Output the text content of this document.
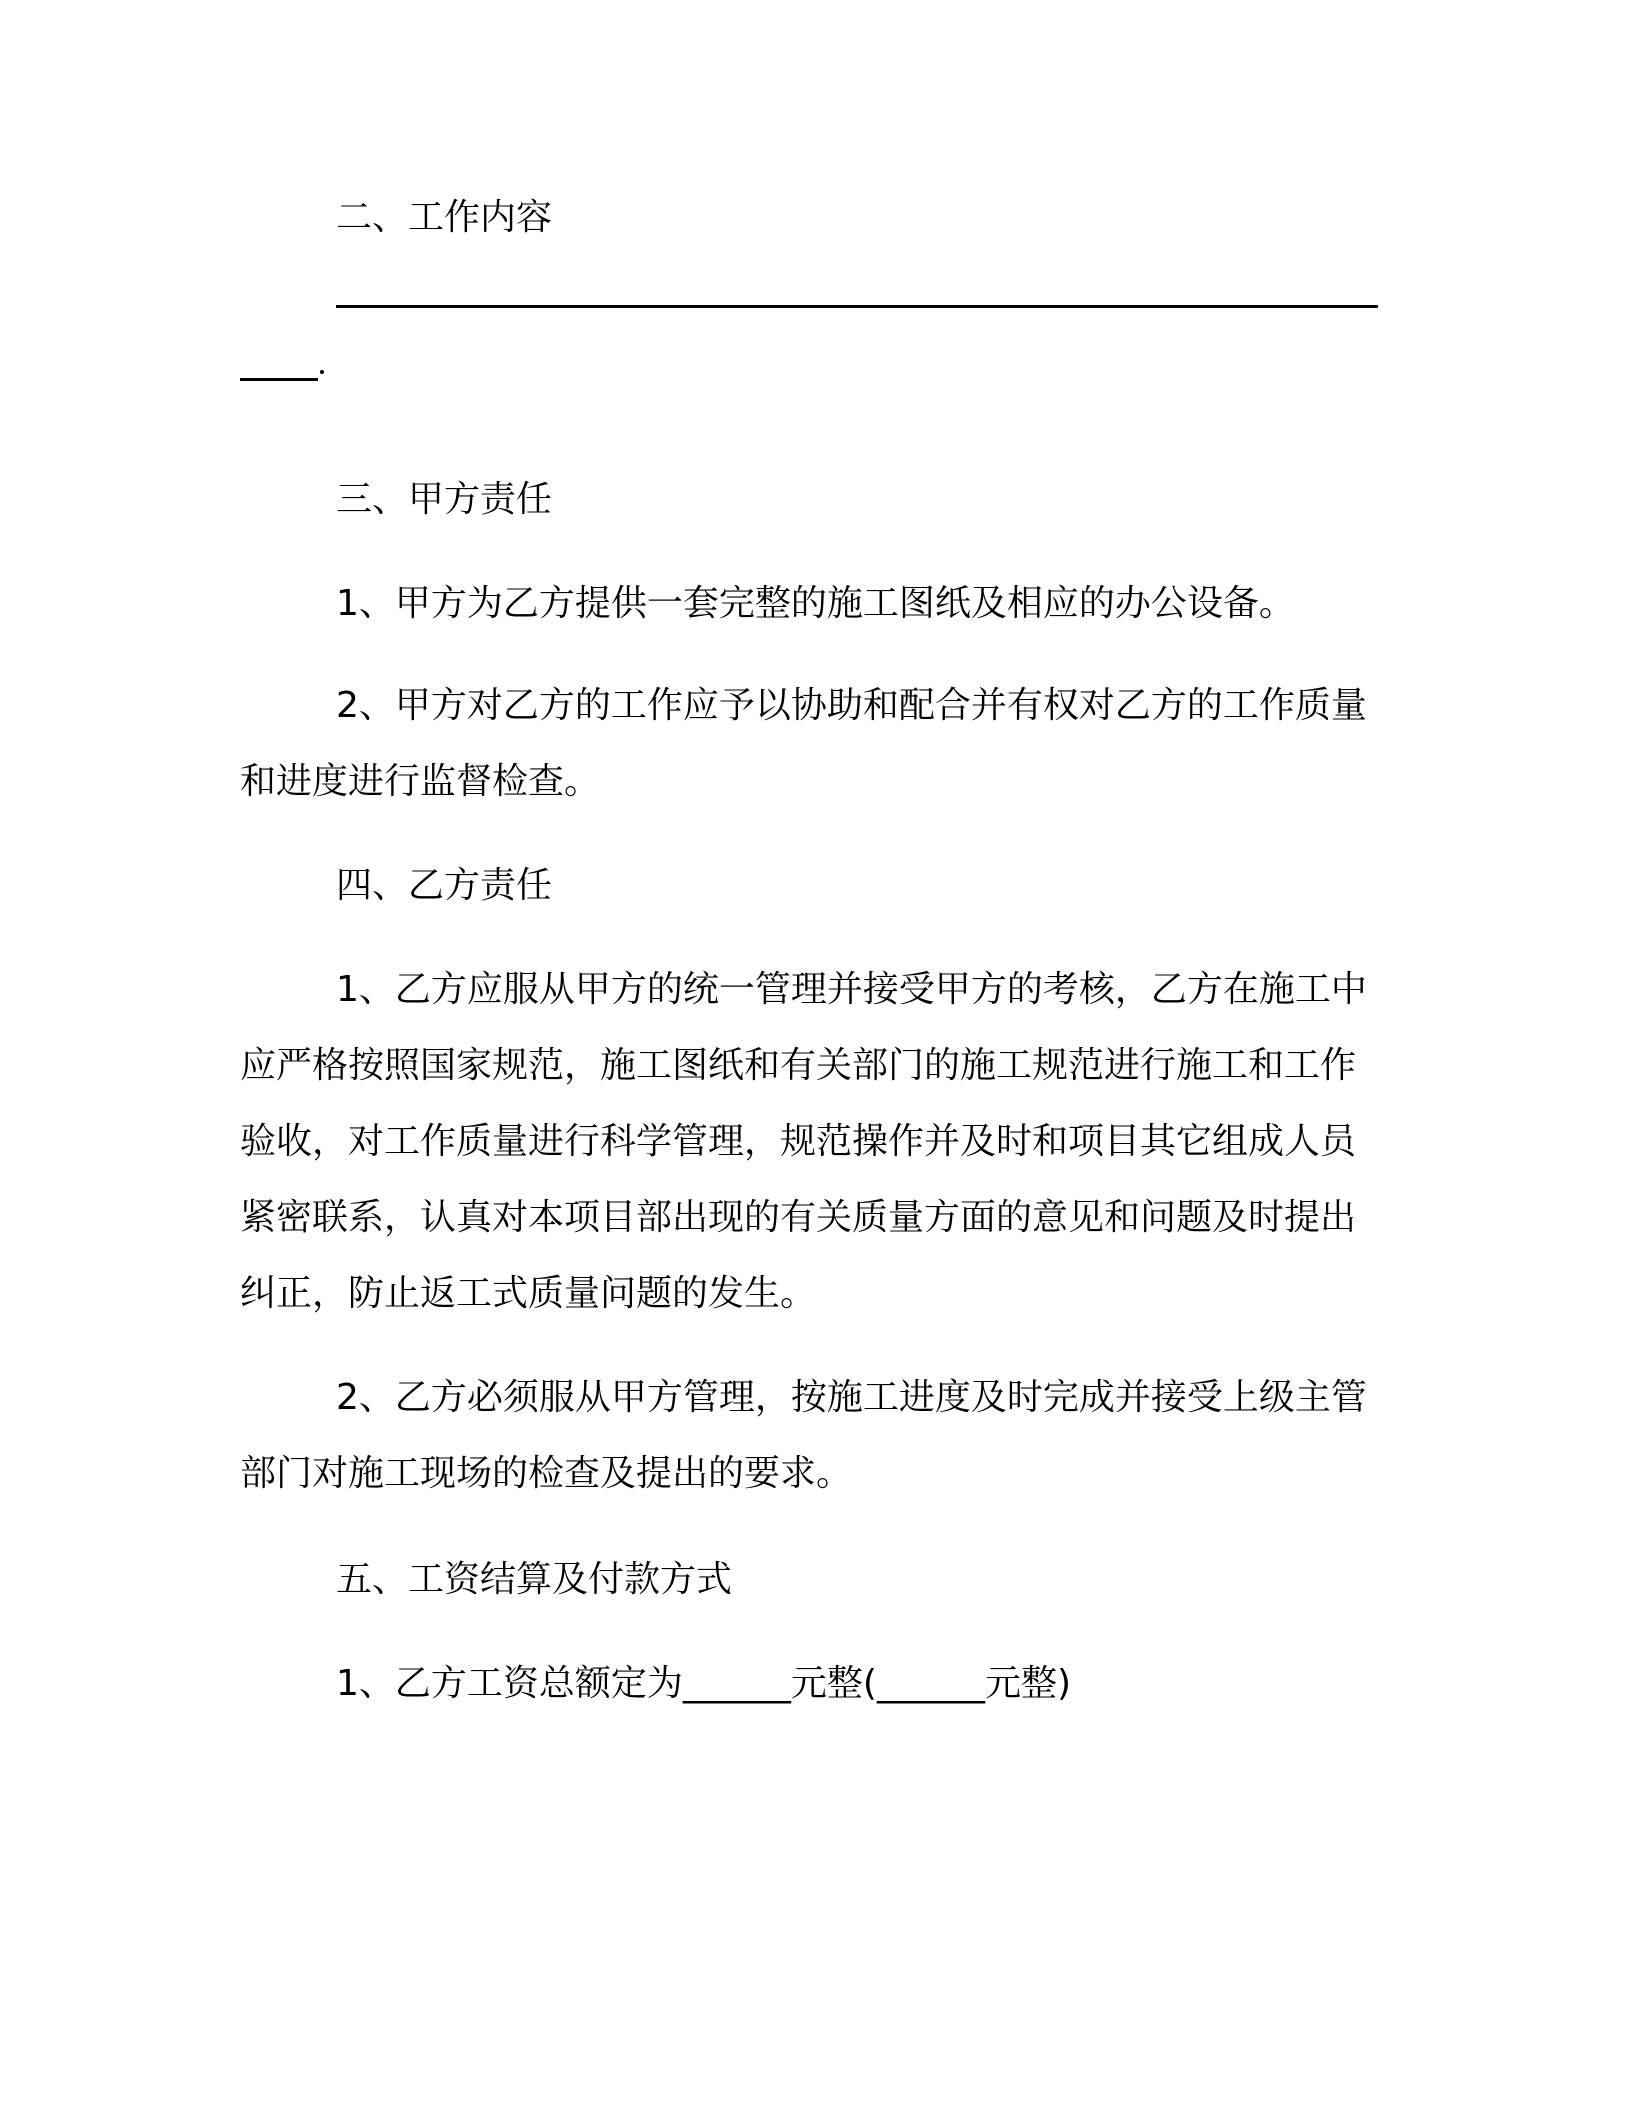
二、工作内容

三、甲方责任

1、甲方为乙方提供一套完整的施工图纸及相应的办公设备。

2、甲方对乙方的工作应予以协助和配合并有权对乙方的工作质量和进度进行监督检查。

四、乙方责任

1、乙方应服从甲方的统一管理并接受甲方的考核，乙方在施工中应严格按照国家规范，施工图纸和有关部门的施工规范进行施工和工作验收，对工作质量进行科学管理，规范操作并及时和项目其它组成人员紧密联系，认真对本项目部出现的有关质量方面的意见和问题及时提出纠正，防止返工式质量问题的发生。

2、乙方必须服从甲方管理，按施工进度及时完成并接受上级主管部门对施工现场的检查及提出的要求。

五、工资结算及付款方式

1、乙方工资总额定为______元整(______元整)
